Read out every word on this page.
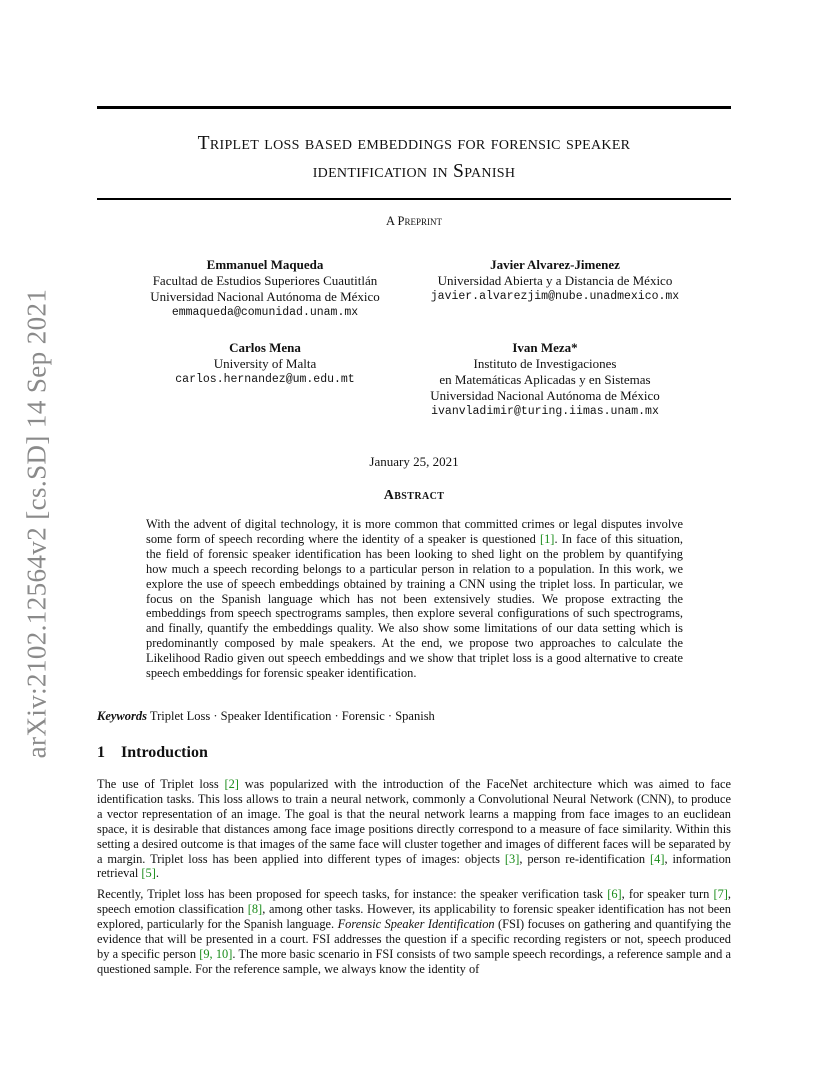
arXiv:2102.12564v2 [cs.SD] 14 Sep 2021
Triplet loss based embeddings for forensic speaker
identification in Spanish
A Preprint
Emmanuel Maqueda
Facultad de Estudios Superiores Cuautitlán
Universidad Nacional Autónoma de México
emmaqueda@comunidad.unam.mx
Javier Alvarez-Jimenez
Universidad Abierta y a Distancia de México
javier.alvarezjim@nube.unadmexico.mx
Carlos Mena
University of Malta
carlos.hernandez@um.edu.mt
Ivan Meza*
Instituto de Investigaciones
en Matemáticas Aplicadas y en Sistemas
Universidad Nacional Autónoma de México
ivanvladimir@turing.iimas.unam.mx
January 25, 2021
Abstract
With the advent of digital technology, it is more common that committed crimes or legal disputes involve some form of speech recording where the identity of a speaker is questioned [1]. In face of this situation, the field of forensic speaker identification has been looking to shed light on the problem by quantifying how much a speech recording belongs to a particular person in relation to a population. In this work, we explore the use of speech embeddings obtained by training a CNN using the triplet loss. In particular, we focus on the Spanish language which has not been extensively studies. We propose extracting the embeddings from speech spectrograms samples, then explore several configurations of such spectrograms, and finally, quantify the embeddings quality. We also show some limitations of our data setting which is predominantly composed by male speakers. At the end, we propose two approaches to calculate the Likelihood Radio given out speech embeddings and we show that triplet loss is a good alternative to create speech embeddings for forensic speaker identification.
Keywords Triplet Loss · Speaker Identification · Forensic · Spanish
1 Introduction
The use of Triplet loss [2] was popularized with the introduction of the FaceNet architecture which was aimed to face identification tasks. This loss allows to train a neural network, commonly a Convolutional Neural Network (CNN), to produce a vector representation of an image. The goal is that the neural network learns a mapping from face images to an euclidean space, it is desirable that distances among face image positions directly correspond to a measure of face similarity. Within this setting a desired outcome is that images of the same face will cluster together and images of different faces will be separated by a margin. Triplet loss has been applied into different types of images: objects [3], person re-identification [4], information retrieval [5].
Recently, Triplet loss has been proposed for speech tasks, for instance: the speaker verification task [6], for speaker turn [7], speech emotion classification [8], among other tasks. However, its applicability to forensic speaker identification has not been explored, particularly for the Spanish language. Forensic Speaker Identification (FSI) focuses on gathering and quantifying the evidence that will be presented in a court. FSI addresses the question if a specific recording registers or not, speech produced by a specific person [9, 10]. The more basic scenario in FSI consists of two sample speech recordings, a reference sample and a questioned sample. For the reference sample, we always know the identity of
